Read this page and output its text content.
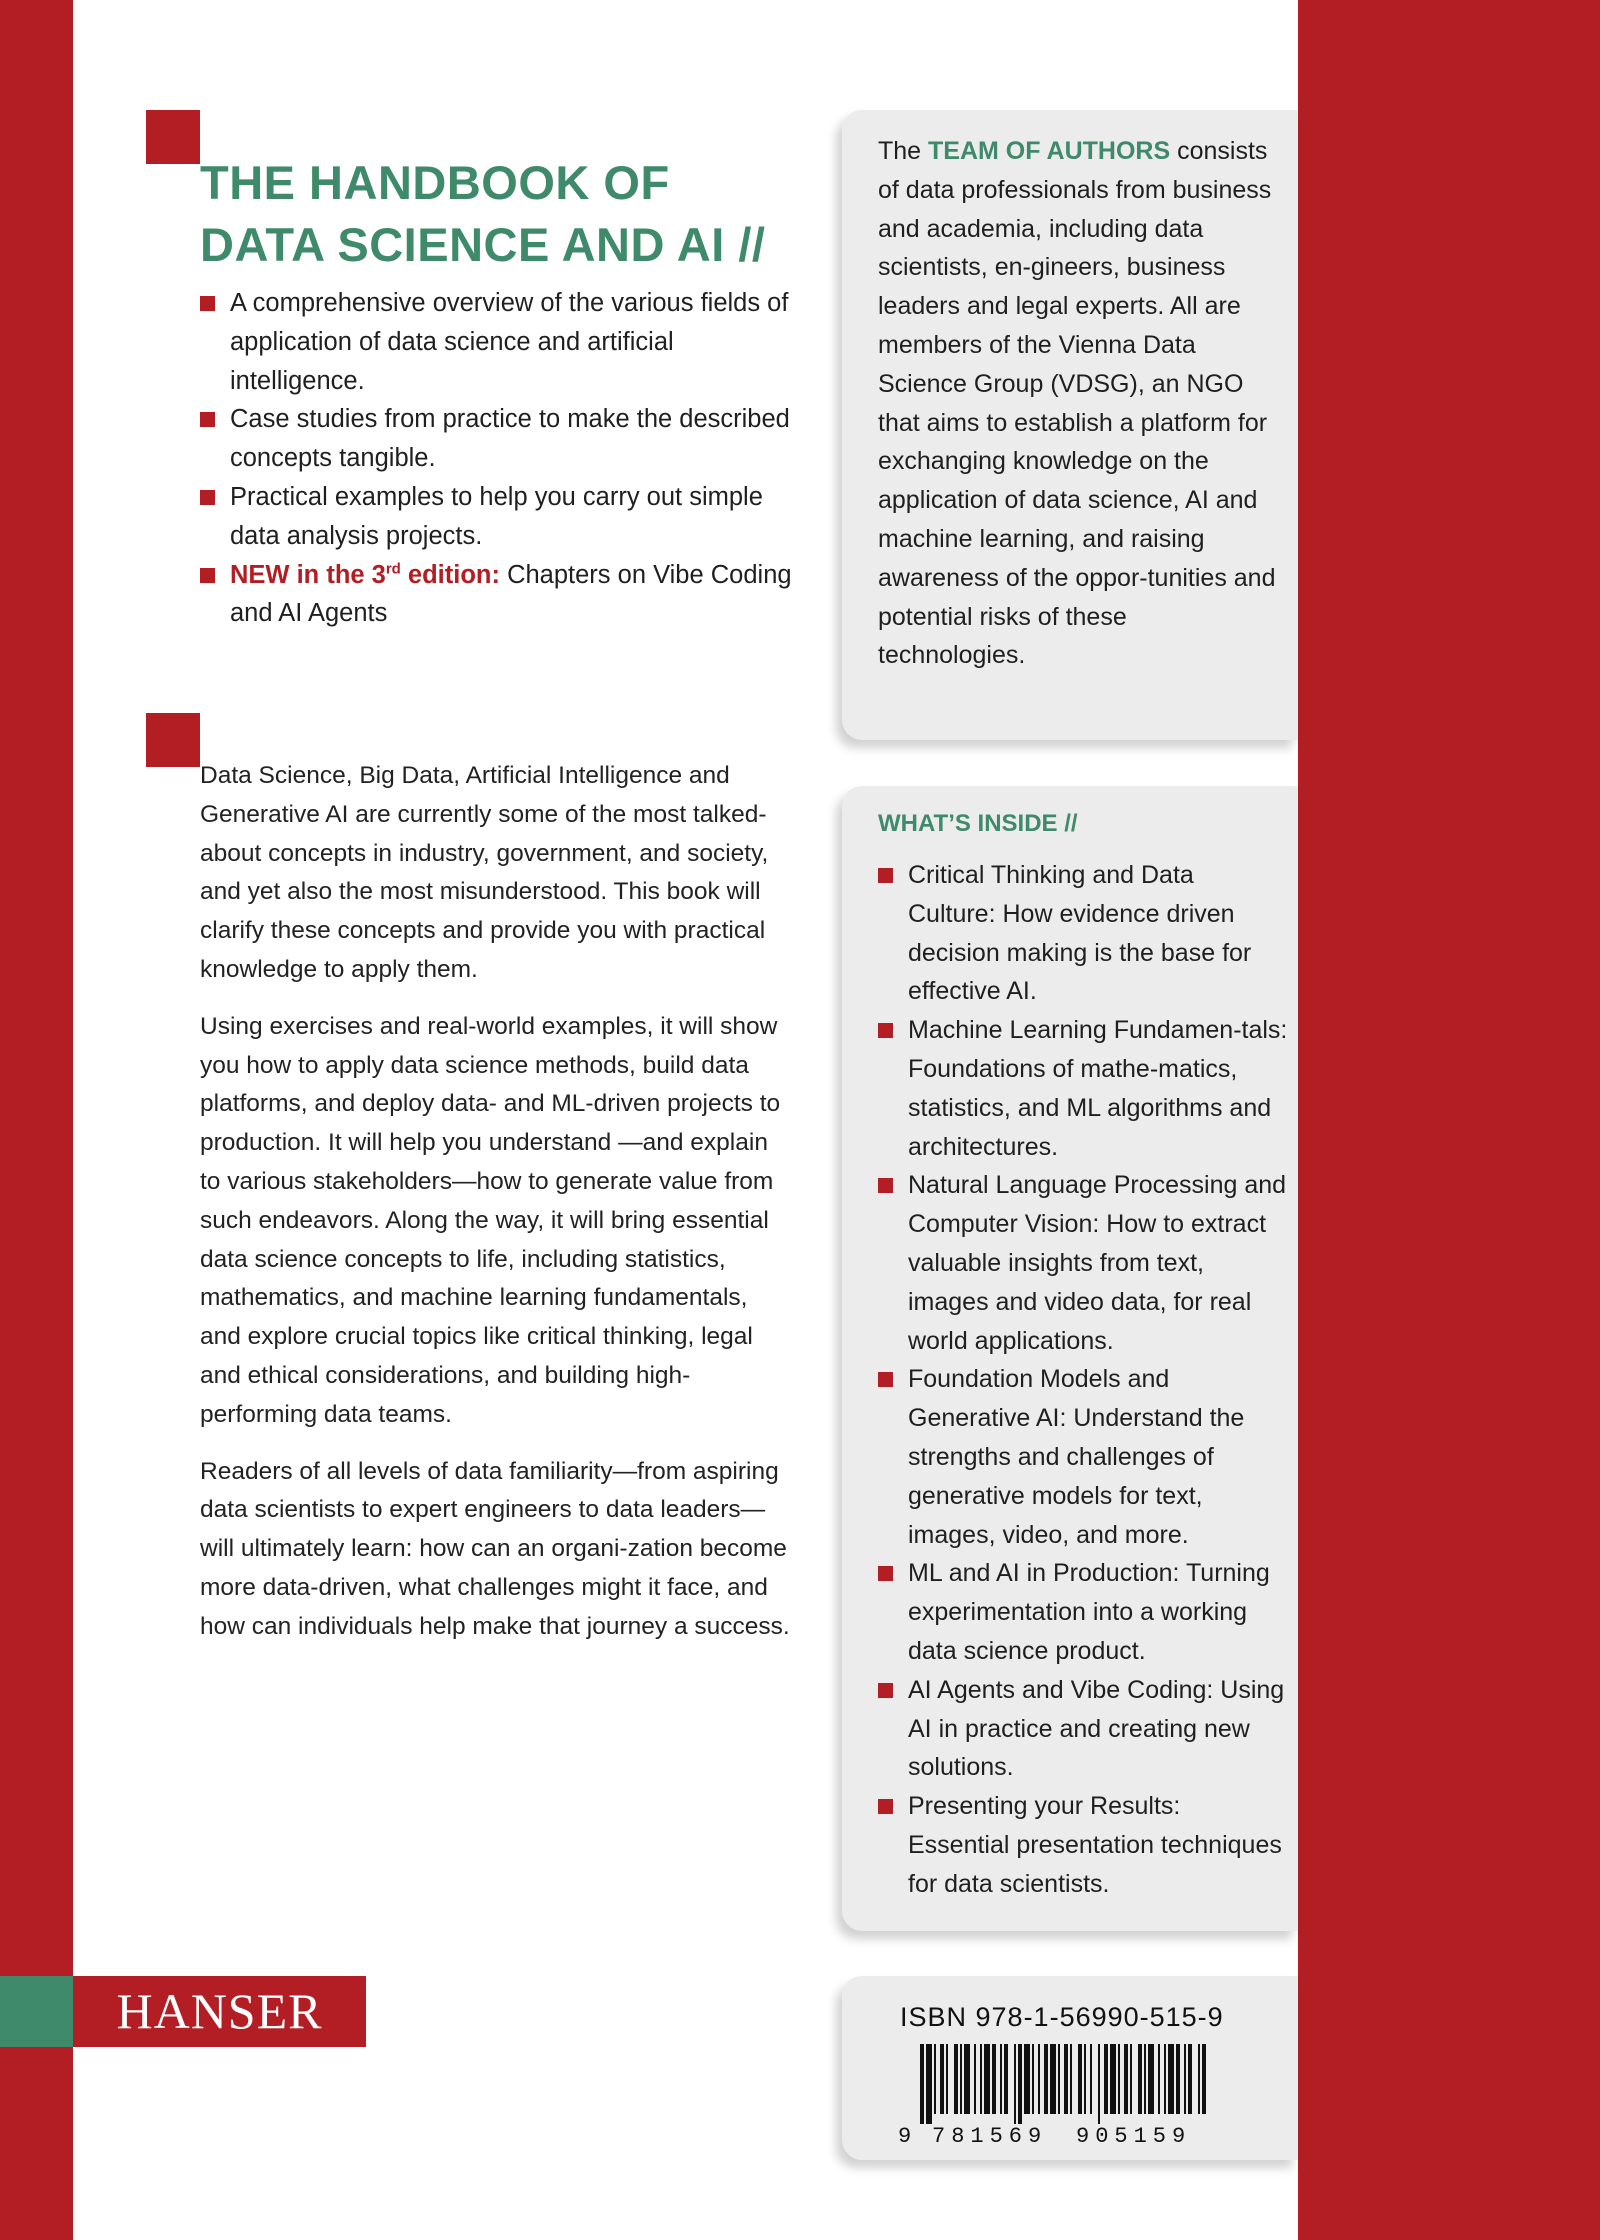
THE HANDBOOK OF
DATA SCIENCE AND AI //
A comprehensive overview of the various fields of application of data science and artificial intelligence.
Case studies from practice to make the described concepts tangible.
Practical examples to help you carry out simple data analysis projects.
NEW in the 3rd edition: Chapters on Vibe Coding and AI Agents

Data Science, Big Data, Artificial Intelligence and Generative AI are currently some of the most talked-about concepts in industry, government, and society, and yet also the most misunderstood. This book will clarify these concepts and provide you with practical knowledge to apply them.

Using exercises and real-world examples, it will show you how to apply data science methods, build data platforms, and deploy data- and ML-driven projects to production. It will help you understand —and explain to various stakeholders—how to generate value from such endeavors. Along the way, it will bring essential data science concepts to life, including statistics, mathematics, and machine learning fundamentals, and explore crucial topics like critical thinking, legal and ethical considerations, and building high-performing data teams.

Readers of all levels of data familiarity—from aspiring data scientists to expert engineers to data leaders—will ultimately learn: how can an organi-zation become more data-driven, what challenges might it face, and how can individuals help make that journey a success.

The TEAM OF AUTHORS consists of data professionals from business and academia, including data scientists, en-gineers, business leaders and legal experts. All are members of the Vienna Data Science Group (VDSG), an NGO that aims to establish a platform for exchanging knowledge on the application of data science, AI and machine learning, and raising awareness of the oppor-tunities and potential risks of these technologies.
WHAT’S INSIDE //
Critical Thinking and Data Culture: How evidence driven decision making is the base for effective AI.
Machine Learning Fundamen-tals: Foundations of mathe-matics, statistics, and ML algorithms and architectures.
Natural Language Processing and Computer Vision: How to extract valuable insights from text, images and video data, for real world applications.
Foundation Models and Generative AI: Understand the strengths and challenges of generative models for text, images, video, and more.
ML and AI in Production: Turning experimentation into a working data science product.
AI Agents and Vibe Coding: Using AI in practice and creating new solutions.
Presenting your Results: Essential presentation techniques for data scientists.
ISBN 978-1-56990-515-9
9 781569 905159
HANSER
